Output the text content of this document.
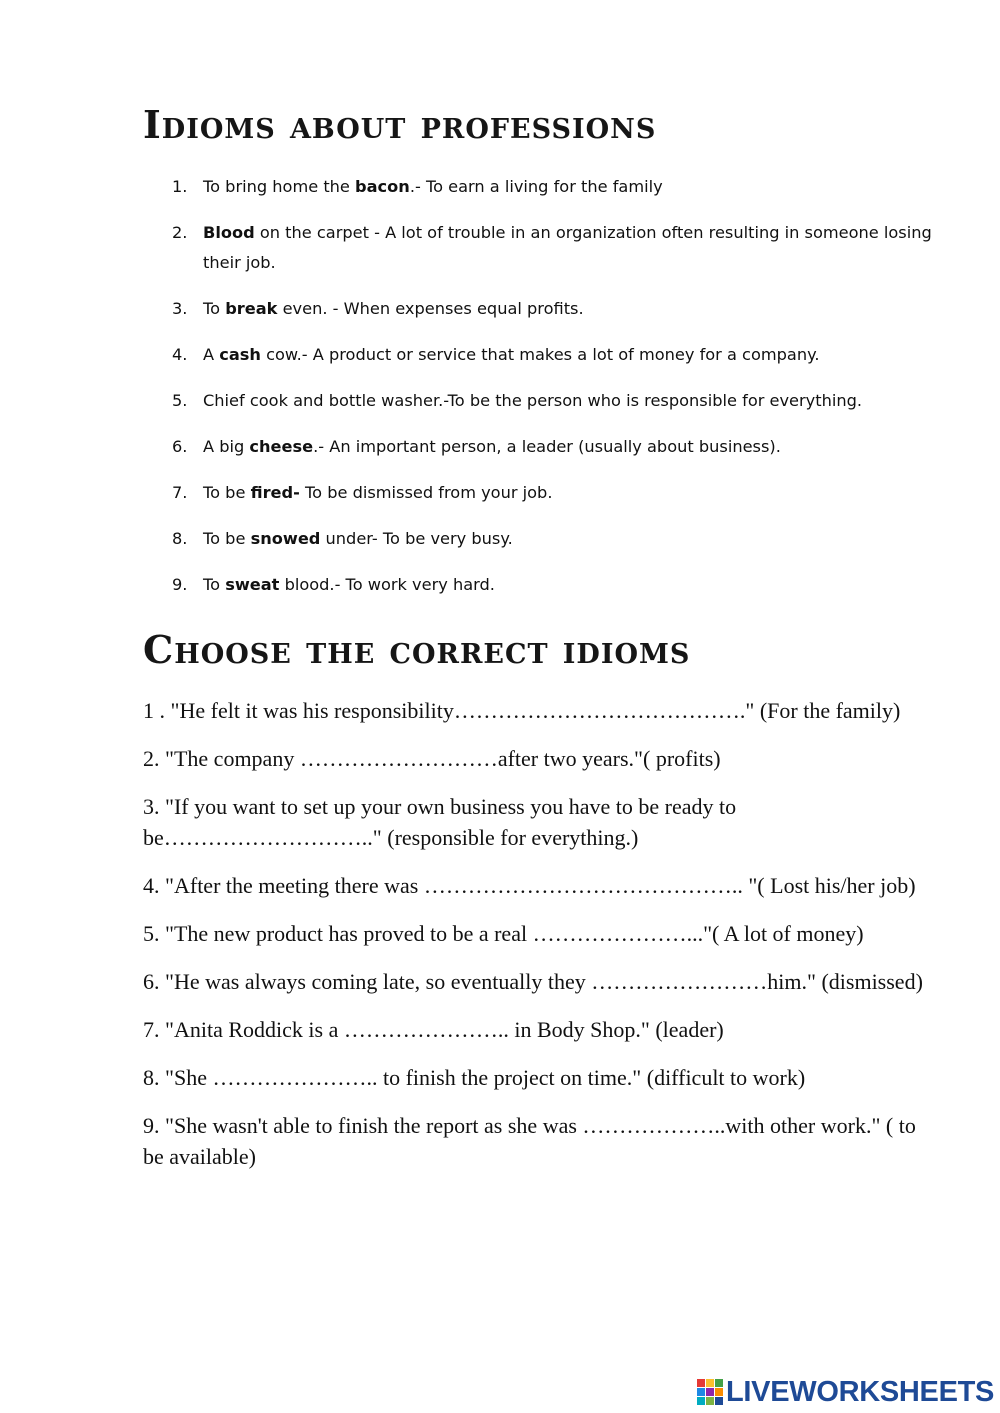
Idioms about professions
1. To bring home the bacon.- To earn a living for the family
2. Blood on the carpet - A lot of trouble in an organization often resulting in someone losing their job.
3. To break even. - When expenses equal profits.
4. A cash cow.- A product or service that makes a lot of money for a company.
5. Chief cook and bottle washer.-To be the person who is responsible for everything.
6. A big cheese.- An important person, a leader (usually about business).
7. To be fired- To be dismissed from your job.
8. To be snowed under- To be very busy.
9. To sweat blood.- To work very hard.
Choose the correct idioms

1 . "He felt it was his responsibility…………………………………." (For the family)

2. "The company ………………………after two years."( profits)

3. "If you want to set up your own business you have to be ready to be……………………….." (responsible for everything.)

4. "After the meeting there was …………………………………….. "( Lost his/her job)

5. "The new product has proved to be a real …………………..."( A lot of money)

6. "He was always coming late, so eventually they ……………………him." (dismissed)

7. "Anita Roddick is a ………………….. in Body Shop." (leader)

8. "She ………………….. to finish the project on time." (difficult to work)

9. "She wasn't able to finish the report as she was ………………..with other work." ( to be available)

LIVEWORKSHEETS
